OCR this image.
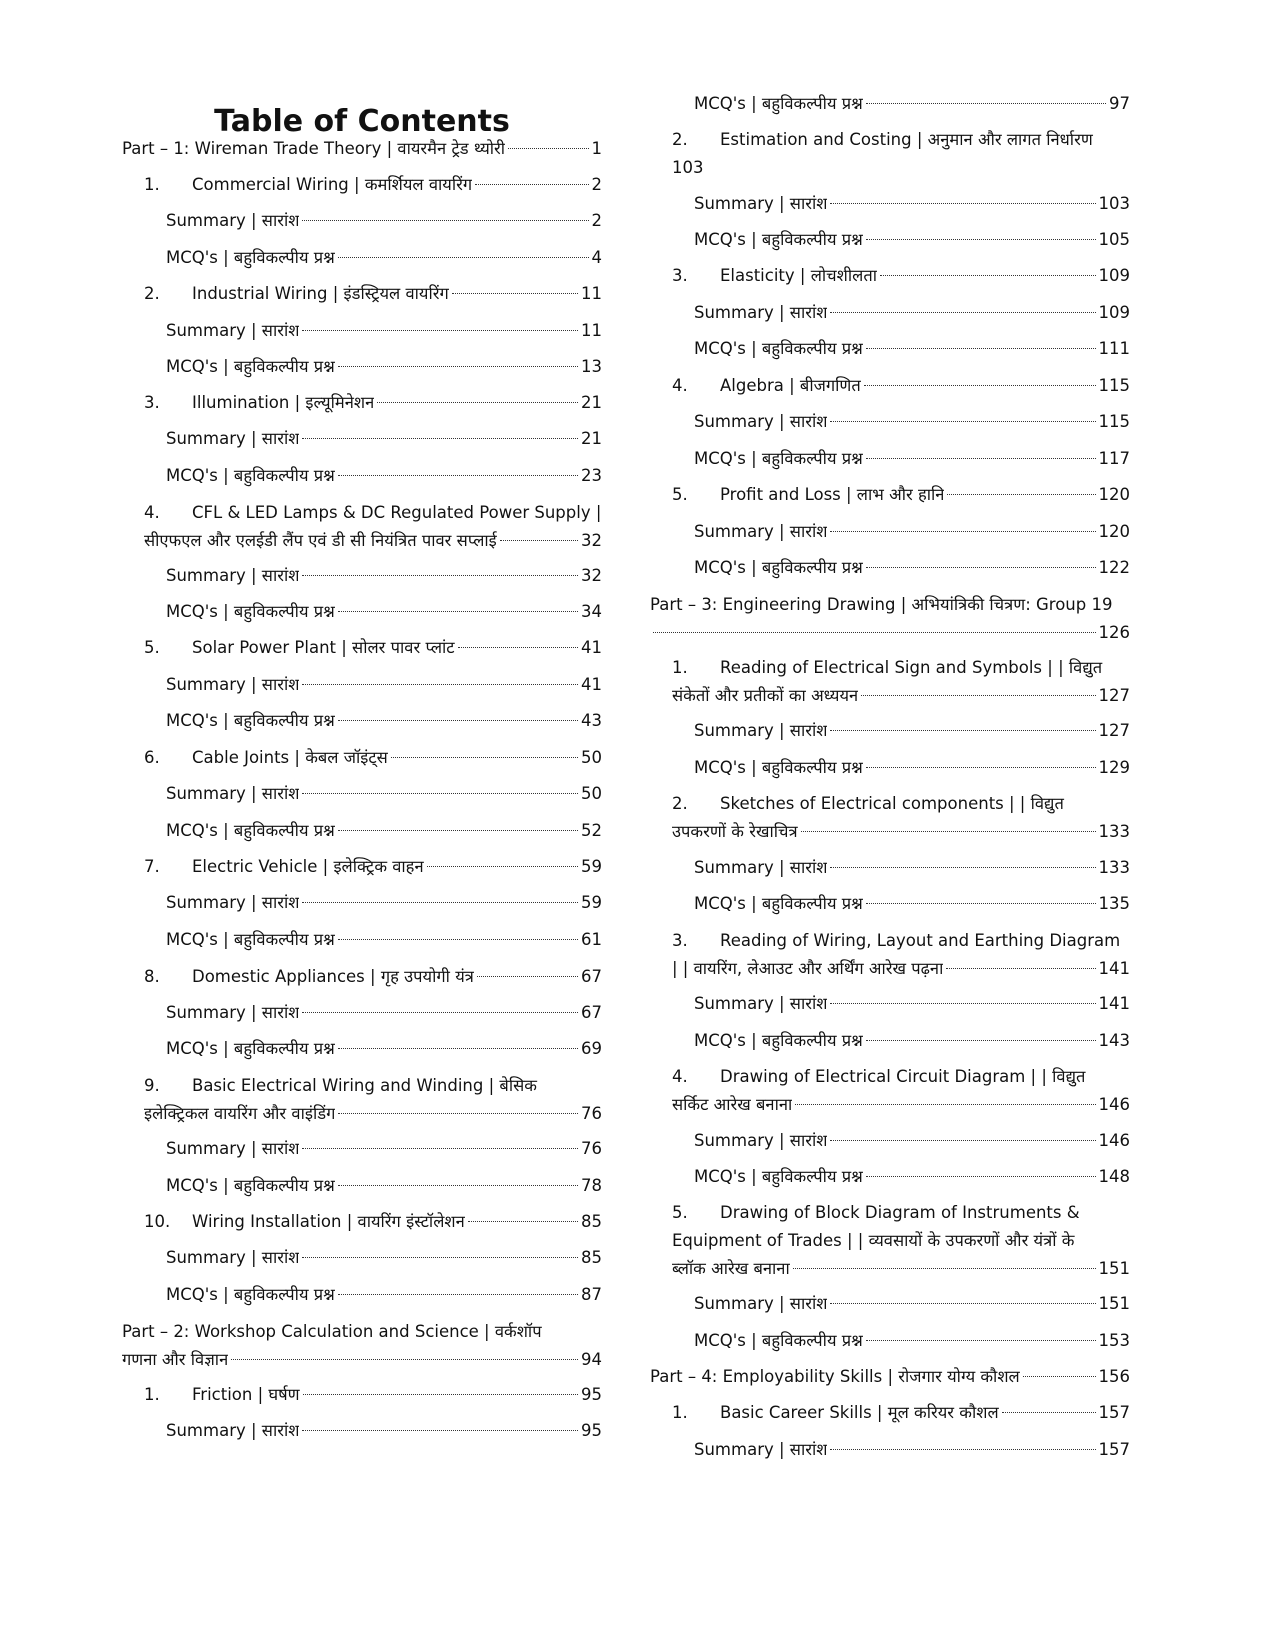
Table of Contents
Part – 1: Wireman Trade Theory | वायरमैन ट्रेड थ्योरी	1
1. Commercial Wiring | कमर्शियल वायरिंग	2
Summary | सारांश	2
MCQ's | बहुविकल्पीय प्रश्न	4
2. Industrial Wiring | इंडस्ट्रियल वायरिंग	11
Summary | सारांश	11
MCQ's | बहुविकल्पीय प्रश्न	13
3. Illumination | इल्यूमिनेशन	21
Summary | सारांश	21
MCQ's | बहुविकल्पीय प्रश्न	23
4. CFL & LED Lamps & DC Regulated Power Supply |
सीएफएल और एलईडी लैंप एवं डी सी नियंत्रित पावर सप्लाई	32
Summary | सारांश	32
MCQ's | बहुविकल्पीय प्रश्न	34
5. Solar Power Plant | सोलर पावर प्लांट	41
Summary | सारांश	41
MCQ's | बहुविकल्पीय प्रश्न	43
6. Cable Joints | केबल जॉइंट्स	50
Summary | सारांश	50
MCQ's | बहुविकल्पीय प्रश्न	52
7. Electric Vehicle | इलेक्ट्रिक वाहन	59
Summary | सारांश	59
MCQ's | बहुविकल्पीय प्रश्न	61
8. Domestic Appliances | गृह उपयोगी यंत्र	67
Summary | सारांश	67
MCQ's | बहुविकल्पीय प्रश्न	69
9. Basic Electrical Wiring and Winding | बेसिक
इलेक्ट्रिकल वायरिंग और वाइंडिंग	76
Summary | सारांश	76
MCQ's | बहुविकल्पीय प्रश्न	78
10. Wiring Installation | वायरिंग इंस्टॉलेशन	85
Summary | सारांश	85
MCQ's | बहुविकल्पीय प्रश्न	87
Part – 2: Workshop Calculation and Science | वर्कशॉप
गणना और विज्ञान	94
1. Friction | घर्षण	95
Summary | सारांश	95
MCQ's | बहुविकल्पीय प्रश्न	97
2. Estimation and Costing | अनुमान और लागत निर्धारण
103
Summary | सारांश	103
MCQ's | बहुविकल्पीय प्रश्न	105
3. Elasticity | लोचशीलता	109
Summary | सारांश	109
MCQ's | बहुविकल्पीय प्रश्न	111
4. Algebra | बीजगणित	115
Summary | सारांश	115
MCQ's | बहुविकल्पीय प्रश्न	117
5. Profit and Loss | लाभ और हानि	120
Summary | सारांश	120
MCQ's | बहुविकल्पीय प्रश्न	122
Part – 3: Engineering Drawing | अभियांत्रिकी चित्रण: Group 19
126
1. Reading of Electrical Sign and Symbols | | विद्युत
संकेतों और प्रतीकों का अध्ययन	127
Summary | सारांश	127
MCQ's | बहुविकल्पीय प्रश्न	129
2. Sketches of Electrical components | | विद्युत
उपकरणों के रेखाचित्र	133
Summary | सारांश	133
MCQ's | बहुविकल्पीय प्रश्न	135
3. Reading of Wiring, Layout and Earthing Diagram
| | वायरिंग, लेआउट और अर्थिंग आरेख पढ़ना	141
Summary | सारांश	141
MCQ's | बहुविकल्पीय प्रश्न	143
4. Drawing of Electrical Circuit Diagram | | विद्युत
सर्किट आरेख बनाना	146
Summary | सारांश	146
MCQ's | बहुविकल्पीय प्रश्न	148
5. Drawing of Block Diagram of Instruments &
Equipment of Trades | | व्यवसायों के उपकरणों और यंत्रों के
ब्लॉक आरेख बनाना	151
Summary | सारांश	151
MCQ's | बहुविकल्पीय प्रश्न	153
Part – 4: Employability Skills | रोजगार योग्य कौशल	156
1. Basic Career Skills | मूल करियर कौशल	157
Summary | सारांश	157
